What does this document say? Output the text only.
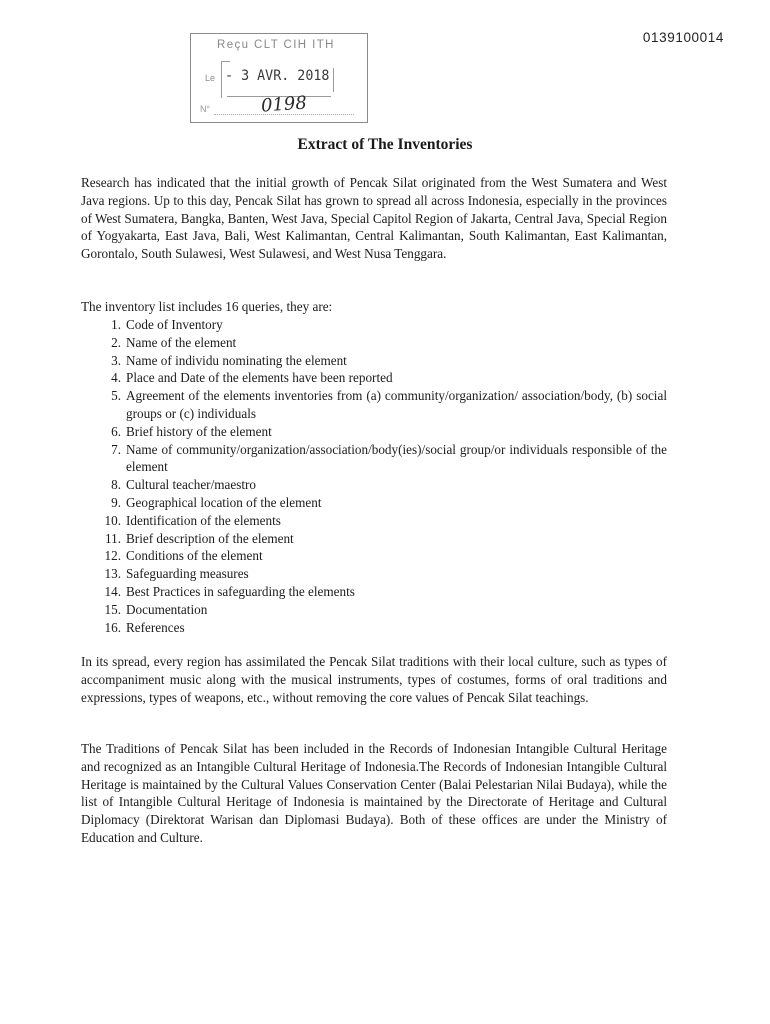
0139100014
Reçu CLT CIH ITH
Le - 3 AVR. 2018
N°	0198
Extract of The Inventories

Research has indicated that the initial growth of Pencak Silat originated from the West Sumatera and West Java regions. Up to this day, Pencak Silat has grown to spread all across Indonesia, especially in the provinces of West Sumatera, Bangka, Banten, West Java, Special Capitol Region of Jakarta, Central Java, Special Region of Yogyakarta, East Java, Bali, West Kalimantan, Central Kalimantan, South Kalimantan, East Kalimantan, Gorontalo, South Sulawesi, West Sulawesi, and West Nusa Tenggara.

The inventory list includes 16 queries, they are:

1. Code of Inventory
2. Name of the element
3. Name of individu nominating the element
4. Place and Date of the elements have been reported
5. Agreement of the elements inventories from (a) community/organization/ association/body, (b) social groups or (c) individuals
6. Brief history of the element
7. Name of community/organization/association/body(ies)/social group/or individuals responsible of the element
8. Cultural teacher/maestro
9. Geographical location of the element
10. Identification of the elements
11. Brief description of the element
12. Conditions of the element
13. Safeguarding measures
14. Best Practices in safeguarding the elements
15. Documentation
16. References

In its spread, every region has assimilated the Pencak Silat traditions with their local culture, such as types of accompaniment music along with the musical instruments, types of costumes, forms of oral traditions and expressions, types of weapons, etc., without removing the core values of Pencak Silat teachings.

The Traditions of Pencak Silat has been included in the Records of Indonesian Intangible Cultural Heritage and recognized as an Intangible Cultural Heritage of Indonesia.The Records of Indonesian Intangible Cultural Heritage is maintained by the Cultural Values Conservation Center (Balai Pelestarian Nilai Budaya), while the list of Intangible Cultural Heritage of Indonesia is maintained by the Directorate of Heritage and Cultural Diplomacy (Direktorat Warisan dan Diplomasi Budaya). Both of these offices are under the Ministry of Education and Culture.
